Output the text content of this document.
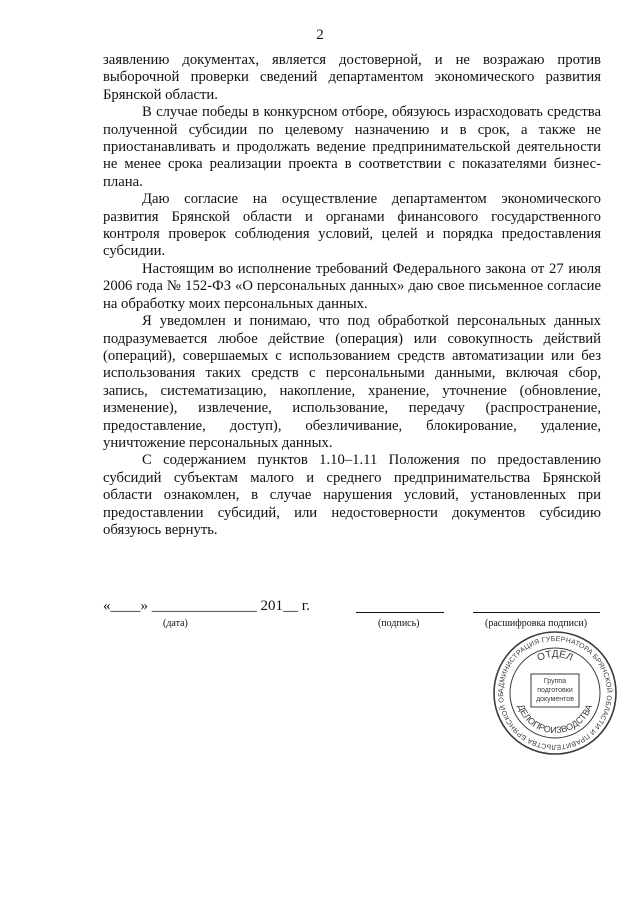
2

заявлению документах, является достоверной, и не возражаю против выборочной проверки сведений департаментом экономического развития Брянской области.

В случае победы в конкурсном отборе, обязуюсь израсходовать средства полученной субсидии по целевому назначению и в срок, а также не приостанавливать и продолжать ведение предпринимательской деятельности не менее срока реализации проекта в соответствии с показателями бизнес-плана.

Даю согласие на осуществление департаментом экономического развития Брянской области и органами финансового государственного контроля проверок соблюдения условий, целей и порядка предоставления субсидии.

Настоящим во исполнение требований Федерального закона от 27 июля 2006 года № 152-ФЗ «О персональных данных» даю свое письменное согласие на обработку моих персональных данных.

Я уведомлен и понимаю, что под обработкой персональных данных подразумевается любое действие (операция) или совокупность действий (операций), совершаемых с использованием средств автоматизации или без использования таких средств с персональными данными, включая сбор, запись, систематизацию, накопление, хранение, уточнение (обновление, изменение), извлечение, использование, передачу (распространение, предоставление, доступ), обезличивание, блокирование, удаление, уничтожение персональных данных.

С содержанием пунктов 1.10–1.11 Положения по предоставлению субсидий субъектам малого и среднего предпринимательства Брянской области ознакомлен, в случае нарушения условий, установленных при предоставлении субсидий, или недостоверности документов субсидию обязуюсь вернуть.

«____» ______________ 201__ г.
(дата)	(подпись)	(расшифровка подписи)
АДМИНИСТРАЦИЯ ГУБЕРНАТОРА БРЯНСКОЙ ОБЛАСТИ И ПРАВИТЕЛЬСТВА БРЯНСКОЙ ОБ
ОТДЕЛ
ДЕЛОПРОИЗВОДСТВА
Группа
подготовки
документов
